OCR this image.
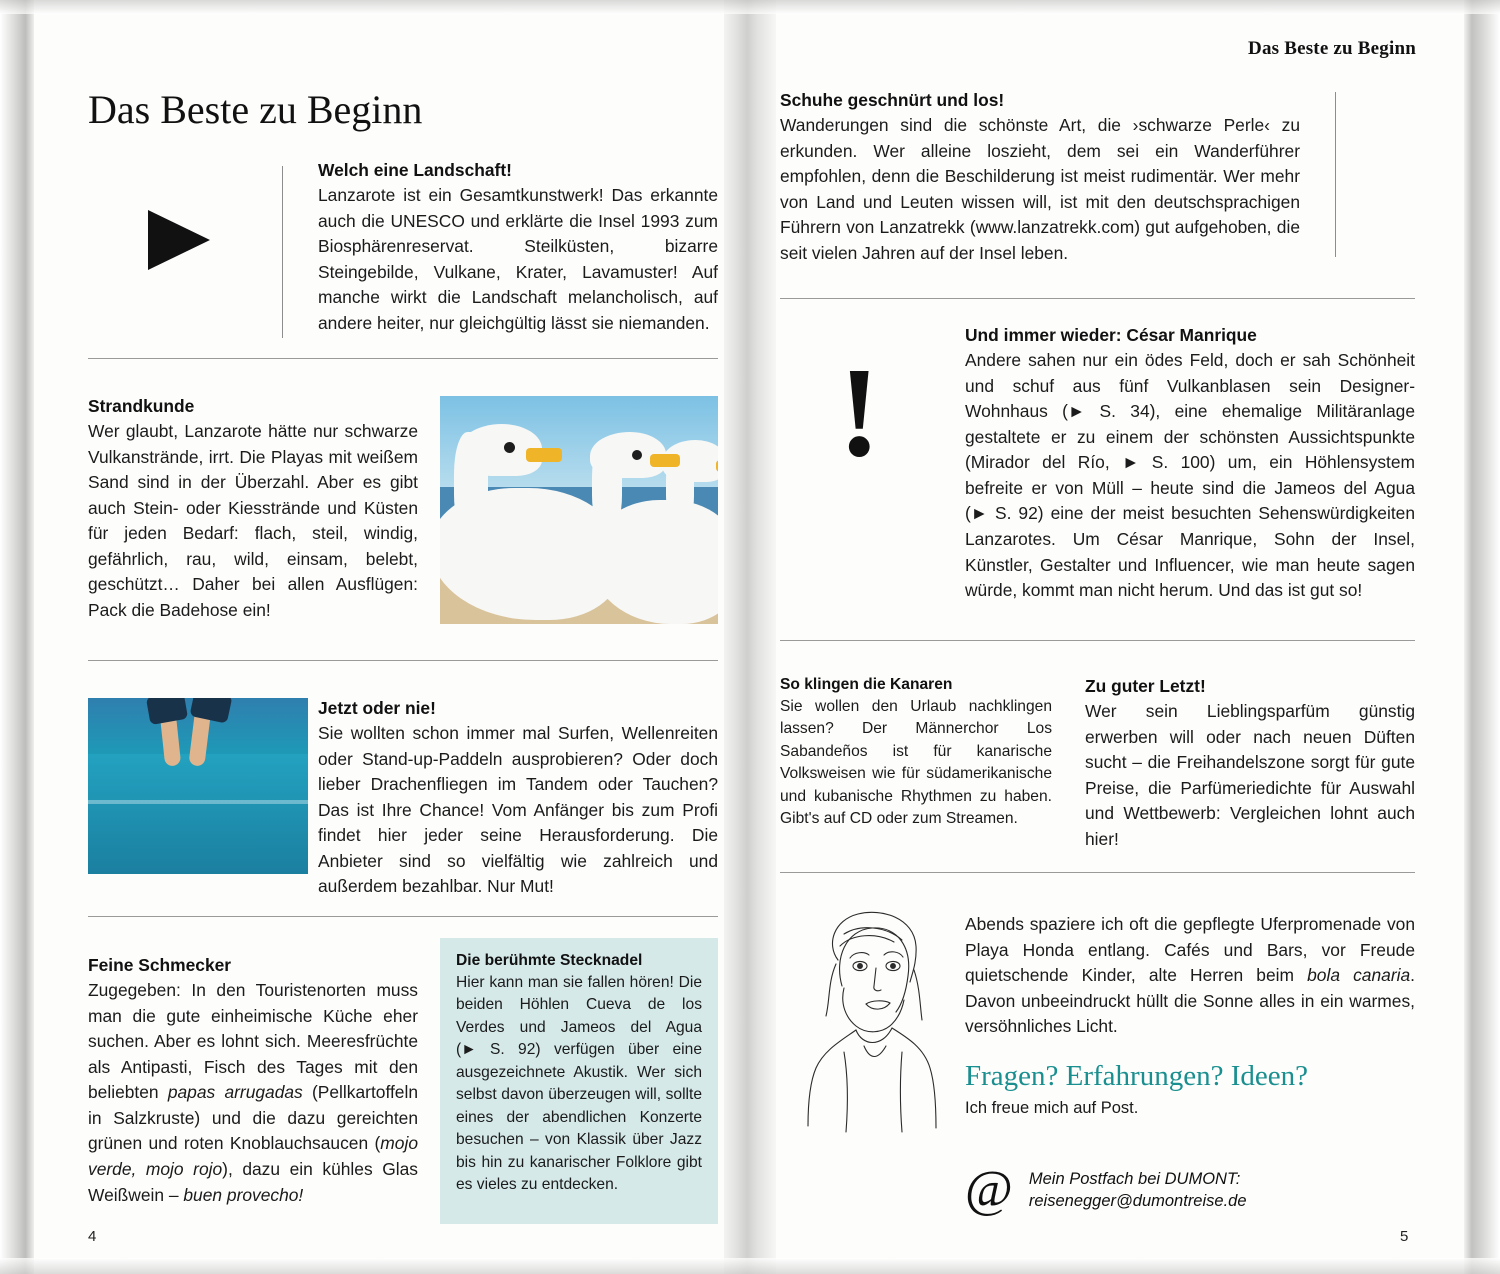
Das Beste zu Beginn
Welch eine Landschaft!
Lanzarote ist ein Gesamtkunstwerk! Das erkannte auch die UNESCO und erklärte die Insel 1993 zum Biosphärenreservat. Steilküsten, bizarre Steingebilde, Vulkane, Krater, Lavamuster! Auf manche wirkt die Landschaft melancholisch, auf andere heiter, nur gleichgültig lässt sie niemanden.
Strandkunde
Wer glaubt, Lanzarote hätte nur schwarze Vulkanstrände, irrt. Die Playas mit weißem Sand sind in der Überzahl. Aber es gibt auch Stein- oder Kiesstrände und Küsten für jeden Bedarf: flach, steil, windig, gefährlich, rau, wild, einsam, belebt, geschützt… Daher bei allen Ausflügen: Pack die Badehose ein!
Jetzt oder nie!
Sie wollten schon immer mal Surfen, Wellenreiten oder Stand-up-Paddeln ausprobieren? Oder doch lieber Drachenfliegen im Tandem oder Tauchen? Das ist Ihre Chance! Vom Anfänger bis zum Profi findet hier jeder seine Herausforderung. Die Anbieter sind so vielfältig wie zahlreich und außerdem bezahlbar. Nur Mut!
Feine Schmecker
Zugegeben: In den Touristenorten muss man die gute einheimische Küche eher suchen. Aber es lohnt sich. Meeresfrüchte als Antipasti, Fisch des Tages mit den beliebten papas arrugadas (Pellkartoffeln in Salzkruste) und die dazu gereichten grünen und roten Knoblauchsaucen (mojo verde, mojo rojo), dazu ein kühles Glas Weißwein – buen provecho!
Die berühmte Stecknadel
Hier kann man sie fallen hören! Die beiden Höhlen Cueva de los Verdes und Jameos del Agua (► S. 92) verfügen über eine ausgezeichnete Akustik. Wer sich selbst davon überzeugen will, sollte eines der abendlichen Konzerte besuchen – von Klassik über Jazz bis hin zu kanarischer Folklore gibt es vieles zu entdecken.
4
Das Beste zu Beginn
Schuhe geschnürt und los!
Wanderungen sind die schönste Art, die ›schwarze Perle‹ zu erkunden. Wer alleine loszieht, dem sei ein Wanderführer empfohlen, denn die Beschilderung ist meist rudimentär. Wer mehr von Land und Leuten wissen will, ist mit den deutschsprachigen Führern von Lanzatrekk (www.lanzatrekk.com) gut aufgehoben, die seit vielen Jahren auf der Insel leben.
!
Und immer wieder: César Manrique
Andere sahen nur ein ödes Feld, doch er sah Schönheit und schuf aus fünf Vulkanblasen sein Designer-Wohnhaus (► S. 34), eine ehemalige Militäranlage gestaltete er zu einem der schönsten Aussichtspunkte (Mirador del Río, ► S. 100) um, ein Höhlensystem befreite er von Müll – heute sind die Jameos del Agua (► S. 92) eine der meist besuchten Sehenswürdigkeiten Lanzarotes. Um César Manrique, Sohn der Insel, Künstler, Gestalter und Influencer, wie man heute sagen würde, kommt man nicht herum. Und das ist gut so!
So klingen die Kanaren
Sie wollen den Urlaub nachklingen lassen? Der Männerchor Los Sabandeños ist für kanarische Volksweisen wie für südamerikanische und kubanische Rhythmen zu haben. Gibt's auf CD oder zum Streamen.
Zu guter Letzt!
Wer sein Lieblingsparfüm günstig erwerben will oder nach neuen Düften sucht – die Freihandelszone sorgt für gute Preise, die Parfümeriedichte für Auswahl und Wettbewerb: Vergleichen lohnt auch hier!
Abends spaziere ich oft die gepflegte Uferpromenade von Playa Honda entlang. Cafés und Bars, vor Freude quietschende Kinder, alte Herren beim bola canaria. Davon unbeeindruckt hüllt die Sonne alles in ein warmes, versöhnliches Licht.
Fragen? Erfahrungen? Ideen?
Ich freue mich auf Post.
@ Mein Postfach bei DUMONT:
reisenegger@dumontreise.de
5
